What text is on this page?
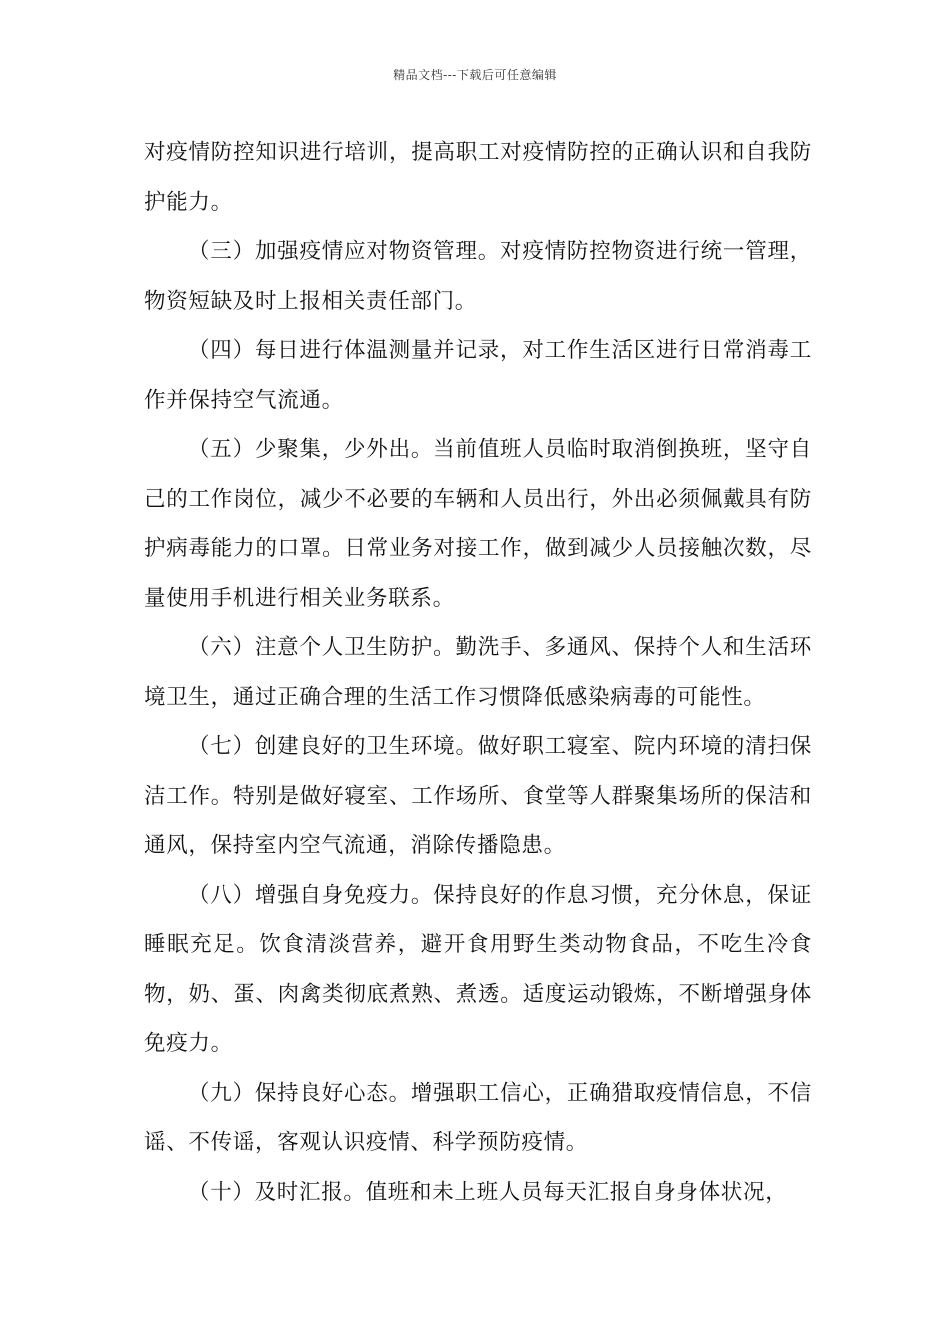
精品文档---下载后可任意编辑

对疫情防控知识进行培训，提高职工对疫情防控的正确认识和自我防护能力。

（三）加强疫情应对物资管理。对疫情防控物资进行统一管理，物资短缺及时上报相关责任部门。

（四）每日进行体温测量并记录，对工作生活区进行日常消毒工作并保持空气流通。

（五）少聚集，少外出。当前值班人员临时取消倒换班，坚守自己的工作岗位，减少不必要的车辆和人员出行，外出必须佩戴具有防护病毒能力的口罩。日常业务对接工作，做到减少人员接触次数，尽量使用手机进行相关业务联系。

（六）注意个人卫生防护。勤洗手、多通风、保持个人和生活环境卫生，通过正确合理的生活工作习惯降低感染病毒的可能性。

（七）创建良好的卫生环境。做好职工寝室、院内环境的清扫保洁工作。特别是做好寝室、工作场所、食堂等人群聚集场所的保洁和通风，保持室内空气流通，消除传播隐患。

（八）增强自身免疫力。保持良好的作息习惯，充分休息，保证睡眠充足。饮食清淡营养，避开食用野生类动物食品，不吃生冷食物，奶、蛋、肉禽类彻底煮熟、煮透。适度运动锻炼，不断增强身体免疫力。

（九）保持良好心态。增强职工信心，正确猎取疫情信息，不信谣、不传谣，客观认识疫情、科学预防疫情。

（十）及时汇报。值班和未上班人员每天汇报自身身体状况，
